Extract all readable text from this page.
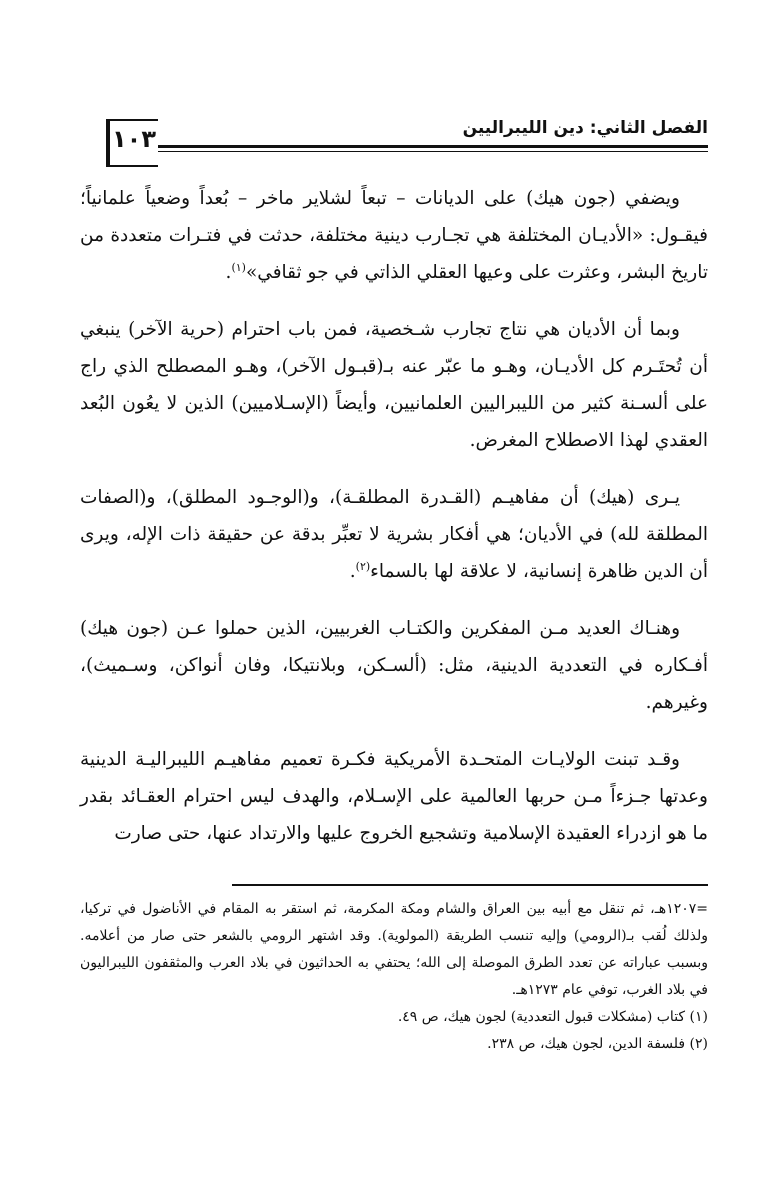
الفصل الثاني: دين الليبراليين
١٠٣

ويضفي (جون هيك) على الديانات – تبعاً لشلاير ماخر – بُعداً وضعياً علمانياً؛ فيقـول: «الأديـان المختلفة هي تجـارب دينية مختلفة، حدثت في فتـرات متعددة من تاريخ البشر، وعثرت على وعيها العقلي الذاتي في جو ثقافي»$^{(١)}$.

وبما أن الأديان هي نتاج تجارب شـخصية، فمن باب احترام (حرية الآخر) ينبغي أن تُحتَـرم كل الأديـان، وهـو ما عبّر عنه بـ(قبـول الآخر)، وهـو المصطلح الذي راج على ألسـنة كثير من الليبراليين العلمانيين، وأيضاً (الإسـلاميين) الذين لا يعُون البُعد العقدي لهذا الاصطلاح المغرض.

يـرى (هيك) أن مفاهيـم (القـدرة المطلقـة)، و(الوجـود المطلق)، و(الصفات المطلقة لله) في الأديان؛ هي أفكار بشرية لا تعبِّر بدقة عن حقيقة ذات الإله، ويرى أن الدين ظاهرة إنسانية، لا علاقة لها بالسماء$^{(٢)}$.

وهنـاك العديد مـن المفكرين والكتـاب الغربيين، الذين حملوا عـن (جون هيك) أفـكاره في التعددية الدينية، مثل: (ألسـكن، وبلانتيكا، وفان أنواكن، وسـميث)، وغيرهم.

وقـد تبنت الولايـات المتحـدة الأمريكية فكـرة تعميم مفاهيـم الليبراليـة الدينية وعدتها جـزءاً مـن حربها العالمية على الإسـلام، والهدف ليس احترام العقـائد بقدر ما هو ازدراء العقيدة الإسلامية وتشجيع الخروج عليها والارتداد عنها، حتى صارت

=١٢٠٧هـ، ثم تنقل مع أبيه بين العراق والشام ومكة المكرمة، ثم استقر به المقام في الأناضول في تركيا، ولذلك لُقب بـ(الرومي) وإليه تنسب الطريقة (المولوية). وقد اشتهر الرومي بالشعر حتى صار من أعلامه. وبسبب عباراته عن تعدد الطرق الموصلة إلى الله؛ يحتفي به الحداثيون في بلاد العرب والمثقفون الليبراليون في بلاد الغرب، توفي عام ١٢٧٣هـ.

(١) كتاب (مشكلات قبول التعددية) لجون هيك، ص ٤٩.

(٢) فلسفة الدين، لجون هيك، ص ٢٣٨.
